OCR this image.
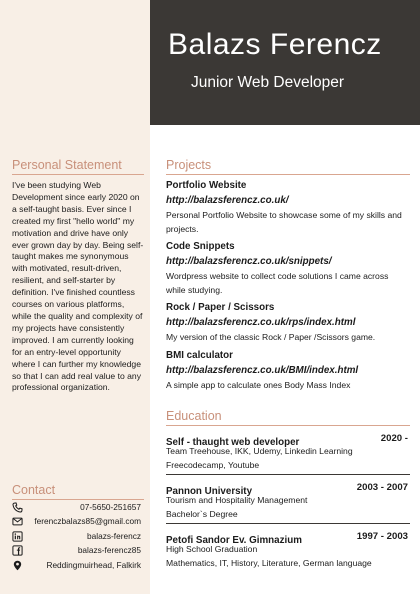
Balazs Ferencz
Junior Web Developer
Personal Statement
I've been studying Web Development since early 2020 on a self-taught basis. Ever since I created my first "hello world" my motivation and drive have only ever grown day by day. Being self-taught makes me synonymous with motivated, result-driven, resilient, and self-starter by definition. I've finished countless courses on various platforms, while the quality and complexity of my projects have consistently improved. I am currently looking for an entry-level opportunity where I can further my knowledge so that I can add real value to any professional organization.
Contact
07-5650-251657
ferenczbalazs85@gmail.com
balazs-ferencz
balazs-ferencz85
Reddingmuirhead, Falkirk
Projects
Portfolio Website
http://balazsferencz.co.uk/
Personal Portfolio Website to showcase some of my skills and projects.
Code Snippets
http://balazsferencz.co.uk/snippets/
Wordpress website to collect code solutions I came across while studying.
Rock / Paper / Scissors
http://balazsferencz.co.uk/rps/index.html
My version of the classic Rock / Paper /Scissors game.
BMI calculator
http://balazsferencz.co.uk/BMI/index.html
A simple app to calculate ones Body Mass Index
Education
Self - thaught web developer	2020 -
Team Treehouse, IKK, Udemy, Linkedin Learning
Freecodecamp, Youtube
Pannon University	2003 - 2007
Tourism and Hospitality Management
Bachelor`s Degree
Petofi Sandor Ev. Gimnazium	1997 - 2003
High School Graduation
Mathematics, IT, History, Literature, German language
